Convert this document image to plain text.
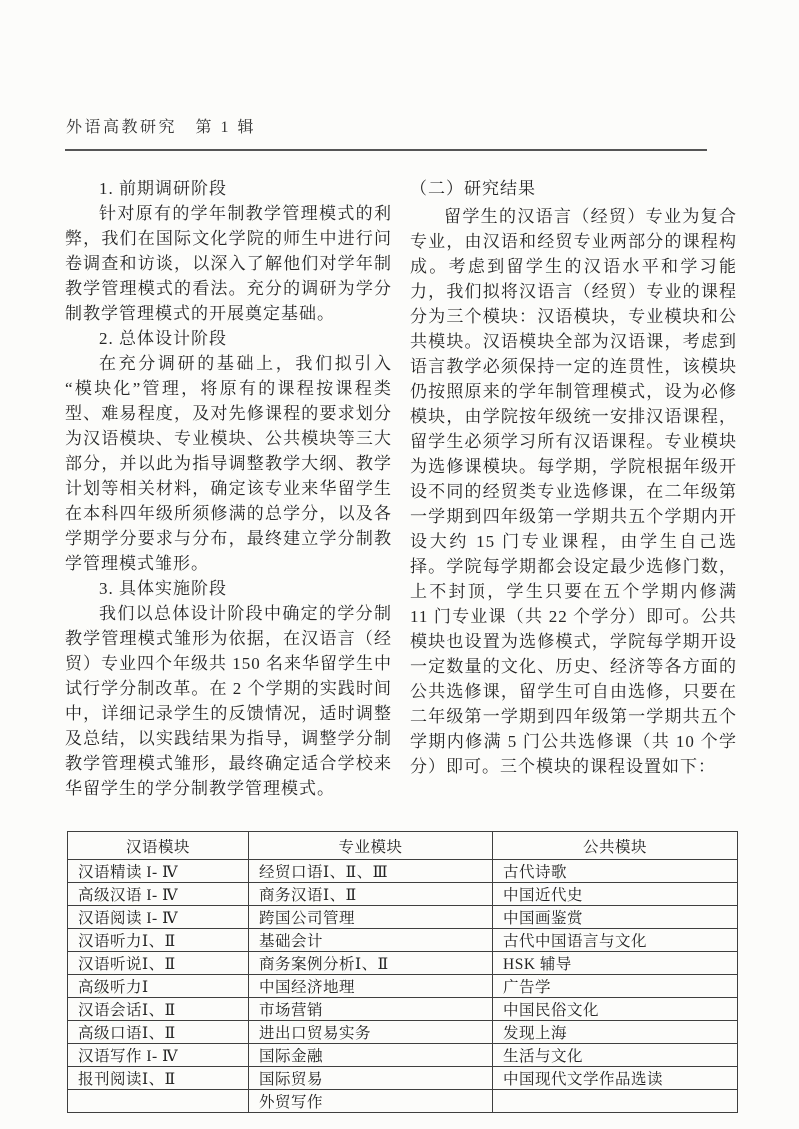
外语高教研究　第 1 辑
1. 前期调研阶段

针对原有的学年制教学管理模式的利弊，我们在国际文化学院的师生中进行问卷调查和访谈，以深入了解他们对学年制教学管理模式的看法。充分的调研为学分制教学管理模式的开展奠定基础。

2. 总体设计阶段

在充分调研的基础上，我们拟引入“模块化”管理，将原有的课程按课程类型、难易程度，及对先修课程的要求划分为汉语模块、专业模块、公共模块等三大部分，并以此为指导调整教学大纲、教学计划等相关材料，确定该专业来华留学生在本科四年级所须修满的总学分，以及各学期学分要求与分布，最终建立学分制教学管理模式雏形。

3. 具体实施阶段

我们以总体设计阶段中确定的学分制教学管理模式雏形为依据，在汉语言（经贸）专业四个年级共 150 名来华留学生中试行学分制改革。在 2 个学期的实践时间中，详细记录学生的反馈情况，适时调整及总结，以实践结果为指导，调整学分制教学管理模式雏形，最终确定适合学校来华留学生的学分制教学管理模式。

（二）研究结果

留学生的汉语言（经贸）专业为复合专业，由汉语和经贸专业两部分的课程构成。考虑到留学生的汉语水平和学习能力，我们拟将汉语言（经贸）专业的课程分为三个模块：汉语模块，专业模块和公共模块。汉语模块全部为汉语课，考虑到语言教学必须保持一定的连贯性，该模块仍按照原来的学年制管理模式，设为必修模块，由学院按年级统一安排汉语课程，留学生必须学习所有汉语课程。专业模块为选修课模块。每学期，学院根据年级开设不同的经贸类专业选修课，在二年级第一学期到四年级第一学期共五个学期内开设大约 15 门专业课程，由学生自己选择。学院每学期都会设定最少选修门数，上不封顶，学生只要在五个学期内修满 11 门专业课（共 22 个学分）即可。公共模块也设置为选修模式，学院每学期开设一定数量的文化、历史、经济等各方面的公共选修课，留学生可自由选修，只要在二年级第一学期到四年级第一学期共五个学期内修满 5 门公共选修课（共 10 个学分）即可。三个模块的课程设置如下：

汉语模块	专业模块	公共模块
汉语精读 I- Ⅳ	经贸口语Ⅰ、Ⅱ、Ⅲ	古代诗歌
高级汉语 I- Ⅳ	商务汉语Ⅰ、Ⅱ	中国近代史
汉语阅读 I- Ⅳ	跨国公司管理	中国画鉴赏
汉语听力Ⅰ、Ⅱ	基础会计	古代中国语言与文化
汉语听说Ⅰ、Ⅱ	商务案例分析Ⅰ、Ⅱ	HSK 辅导
高级听力Ⅰ	中国经济地理	广告学
汉语会话Ⅰ、Ⅱ	市场营销	中国民俗文化
高级口语Ⅰ、Ⅱ	进出口贸易实务	发现上海
汉语写作 I- Ⅳ	国际金融	生活与文化
报刊阅读Ⅰ、Ⅱ	国际贸易	中国现代文学作品选读
	外贸写作	
